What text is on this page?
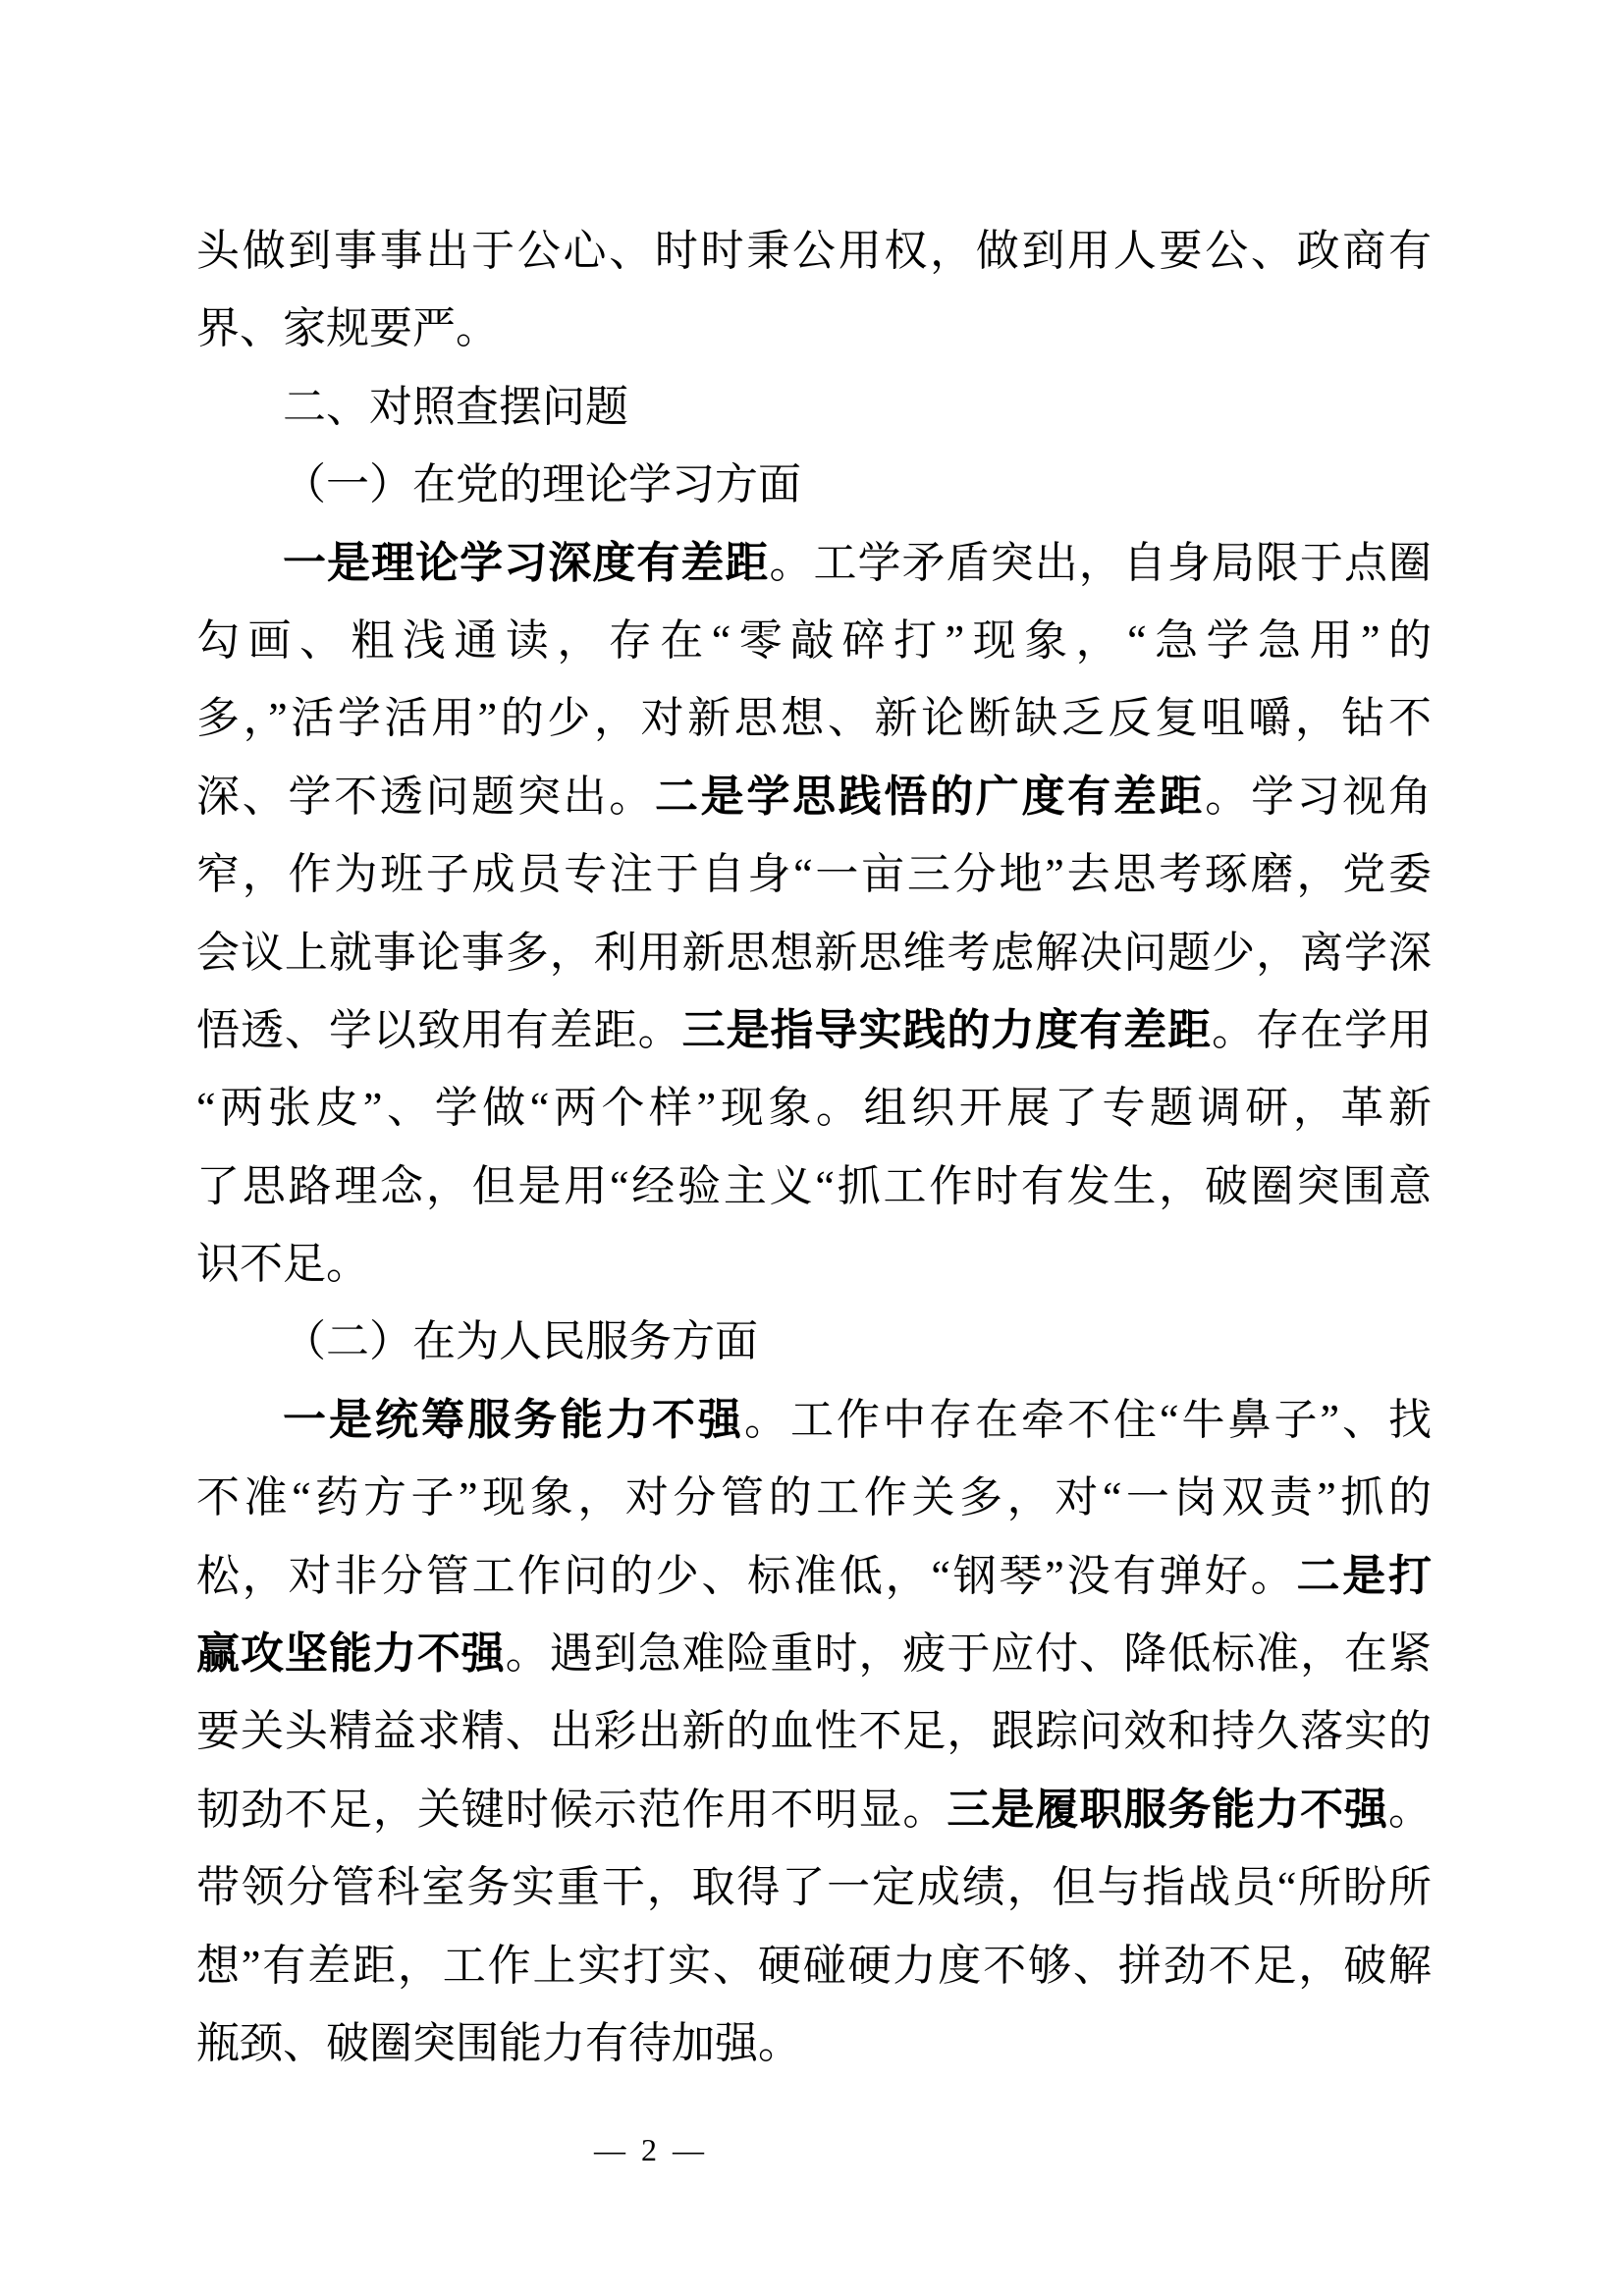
头做到事事出于公心、时时秉公用权，做到用人要公、政商有
界、家规要严。
二、对照查摆问题
（一）在党的理论学习方面
一是理论学习深度有差距。工学矛盾突出，自身局限于点圈
勾画、粗浅通读，存在“零敲碎打”现象，“急学急用”的
多，”活学活用”的少，对新思想、新论断缺乏反复咀嚼，钻不
深、学不透问题突出。二是学思践悟的广度有差距。学习视角
窄，作为班子成员专注于自身“一亩三分地”去思考琢磨，党委
会议上就事论事多，利用新思想新思维考虑解决问题少，离学深
悟透、学以致用有差距。三是指导实践的力度有差距。存在学用
“两张皮”、学做“两个样”现象。组织开展了专题调研，革新
了思路理念，但是用“经验主义“抓工作时有发生，破圈突围意
识不足。
（二）在为人民服务方面
一是统筹服务能力不强。工作中存在牵不住“牛鼻子”、找
不准“药方子”现象，对分管的工作关多，对“一岗双责”抓的
松，对非分管工作问的少、标准低，“钢琴”没有弹好。二是打
赢攻坚能力不强。遇到急难险重时，疲于应付、降低标准，在紧
要关头精益求精、出彩出新的血性不足，跟踪问效和持久落实的
韧劲不足，关键时候示范作用不明显。三是履职服务能力不强。
带领分管科室务实重干，取得了一定成绩，但与指战员“所盼所
想”有差距，工作上实打实、硬碰硬力度不够、拼劲不足，破解
瓶颈、破圈突围能力有待加强。
— 2 —
